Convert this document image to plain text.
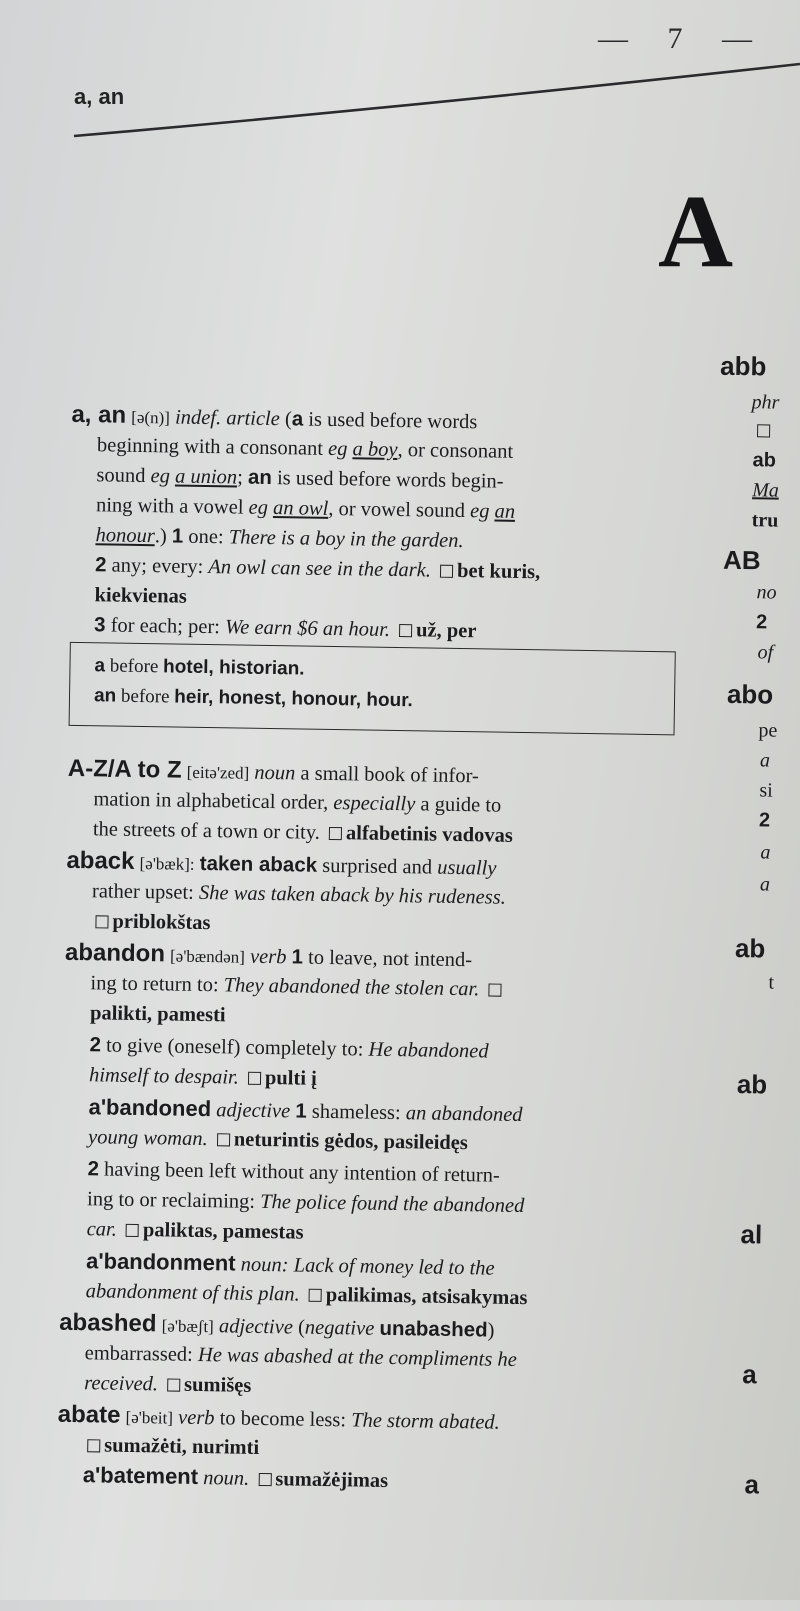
— 7 —
a, an
A
a, an [ə(n)] indef. article (a is used before words
beginning with a consonant eg a boy, or consonant
sound eg a union; an is used before words begin-
ning with a vowel eg an owl, or vowel sound eg an
honour.) 1 one: There is a boy in the garden.
2 any; every: An owl can see in the dark. bet kuris,
kiekvienas
3 for each; per: We earn $6 an hour. už, per
a before hotel, historian.
an before heir, honest, honour, hour.
A-Z/A to Z [eitə'zed] noun a small book of infor-
mation in alphabetical order, especially a guide to
the streets of a town or city. alfabetinis vadovas
aback [ə'bæk]: taken aback surprised and usually
rather upset: She was taken aback by his rudeness.
priblokštas
abandon [ə'bændən] verb 1 to leave, not intend-
ing to return to: They abandoned the stolen car.
palikti, pamesti
2 to give (oneself) completely to: He abandoned
himself to despair. pulti į
a'bandoned adjective 1 shameless: an abandoned
young woman. neturintis gėdos, pasileidęs
2 having been left without any intention of return-
ing to or reclaiming: The police found the abandoned
car. paliktas, pamestas
a'bandonment noun: Lack of money led to the
abandonment of this plan. palikimas, atsisakymas
abashed [ə'bæʃt] adjective (negative unabashed)
embarrassed: He was abashed at the compliments he
received. sumišęs
abate [ə'beit] verb to become less: The storm abated.
sumažėti, nurimti
a'batement noun. sumažėjimas
abb
phr
ab
Ma
tru
AB
no
2
of
abo
pe
a
si
2
a
a
ab
t
ab
al
a
a
